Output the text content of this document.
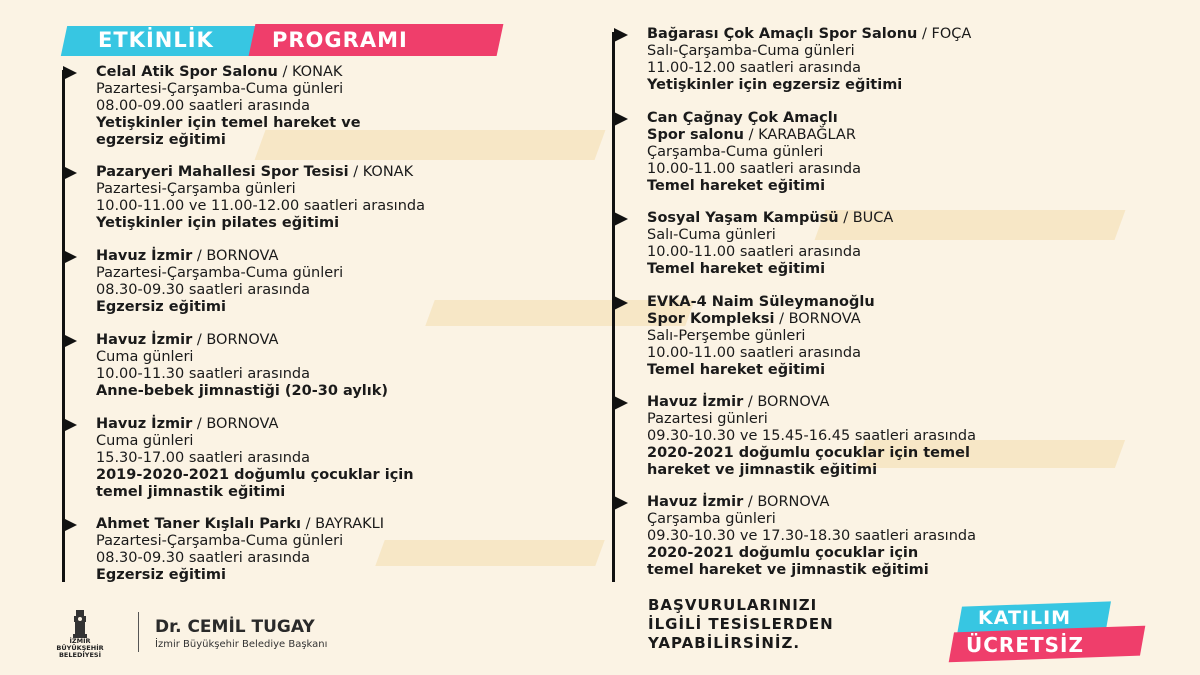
ETKİNLİK	PROGRAMI
Celal Atik Spor Salonu / KONAK
Pazartesi-Çarşamba-Cuma günleri
08.00-09.00 saatleri arasında
Yetişkinler için temel hareket ve
egzersiz eğitimi
Pazaryeri Mahallesi Spor Tesisi / KONAK
Pazartesi-Çarşamba günleri
10.00-11.00 ve 11.00-12.00 saatleri arasında
Yetişkinler için pilates eğitimi
Havuz İzmir / BORNOVA
Pazartesi-Çarşamba-Cuma günleri
08.30-09.30 saatleri arasında
Egzersiz eğitimi
Havuz İzmir / BORNOVA
Cuma günleri
10.00-11.30 saatleri arasında
Anne-bebek jimnastiği (20-30 aylık)
Havuz İzmir / BORNOVA
Cuma günleri
15.30-17.00 saatleri arasında
2019-2020-2021 doğumlu çocuklar için
temel jimnastik eğitimi
Ahmet Taner Kışlalı Parkı / BAYRAKLI
Pazartesi-Çarşamba-Cuma günleri
08.30-09.30 saatleri arasında
Egzersiz eğitimi
Bağarası Çok Amaçlı Spor Salonu / FOÇA
Salı-Çarşamba-Cuma günleri
11.00-12.00 saatleri arasında
Yetişkinler için egzersiz eğitimi
Can Çağnay Çok Amaçlı
Spor salonu / KARABAĞLAR
Çarşamba-Cuma günleri
10.00-11.00 saatleri arasında
Temel hareket eğitimi
Sosyal Yaşam Kampüsü / BUCA
Salı-Cuma günleri
10.00-11.00 saatleri arasında
Temel hareket eğitimi
EVKA-4 Naim Süleymanoğlu
Spor Kompleksi / BORNOVA
Salı-Perşembe günleri
10.00-11.00 saatleri arasında
Temel hareket eğitimi
Havuz İzmir / BORNOVA
Pazartesi günleri
09.30-10.30 ve 15.45-16.45 saatleri arasında
2020-2021 doğumlu çocuklar için temel
hareket ve jimnastik eğitimi
Havuz İzmir / BORNOVA
Çarşamba günleri
09.30-10.30 ve 17.30-18.30 saatleri arasında
2020-2021 doğumlu çocuklar için
temel hareket ve jimnastik eğitimi
BAŞVURULARINIZI
İLGİLİ TESİSLERDEN
YAPABİLİRSİNİZ.
KATILIM
ÜCRETSİZ
İZMİR
BÜYÜKŞEHİR
BELEDİYESİ
Dr. CEMİL TUGAY
İzmir Büyükşehir Belediye Başkanı
